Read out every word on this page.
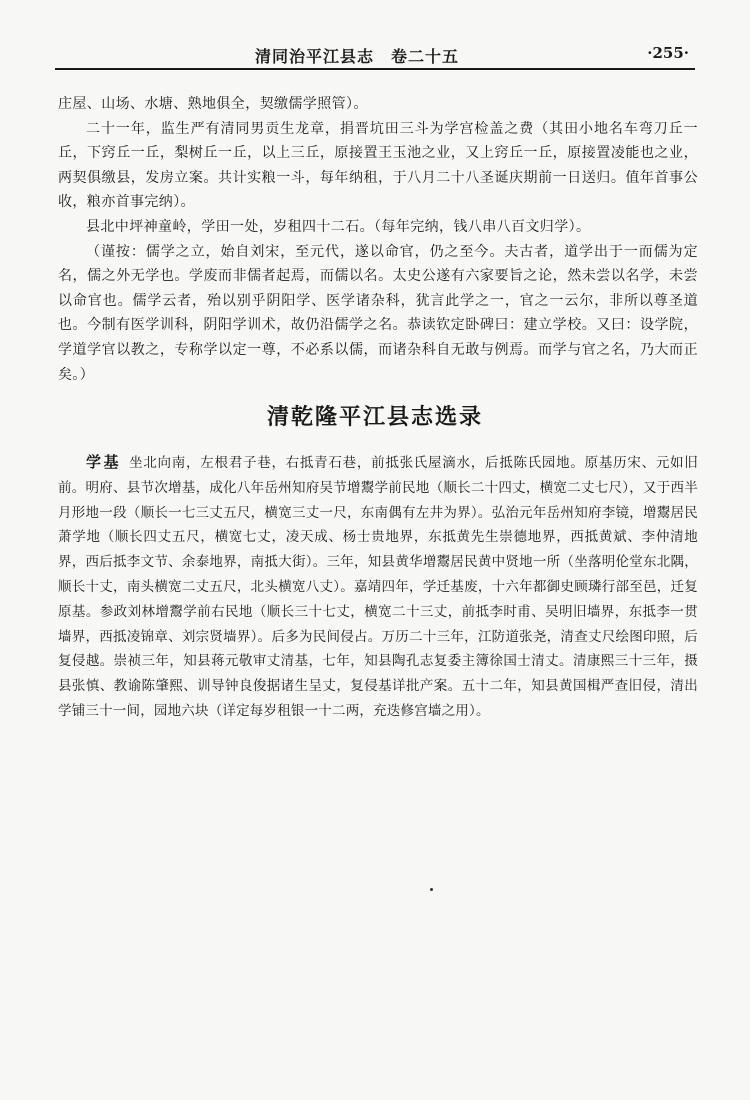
清同治平江县志　卷二十五	·255·

庄屋、山场、水塘、熟地俱全，契缴儒学照管）。

二十一年，监生严有清同男贡生龙章，捐晋坑田三斗为学宫检盖之费（其田小地名车弯刀丘一丘，下窍丘一丘，梨树丘一丘，以上三丘，原接置王玉池之业，又上窍丘一丘，原接置凌能也之业，两契俱缴县，发房立案。共计实粮一斗，每年纳租，于八月二十八圣诞庆期前一日送归。值年首事公收，粮亦首事完纳）。

县北中坪神童岭，学田一处，岁租四十二石。（每年完纳，钱八串八百文归学）。

（谨按：儒学之立，始自刘宋，至元代，遂以命官，仍之至今。夫古者，道学出于一而儒为定名，儒之外无学也。学废而非儒者起焉，而儒以名。太史公遂有六家要旨之论，然未尝以名学，未尝以命官也。儒学云者，殆以别乎阴阳学、医学诸杂科，犹言此学之一，官之一云尔，非所以尊圣道也。今制有医学训科，阴阳学训术，故仍沿儒学之名。恭读钦定卧碑曰：建立学校。又曰：设学院，学道学官以教之，专称学以定一尊，不必系以儒，而诸杂科自无敢与例焉。而学与官之名，乃大而正矣。）

清乾隆平江县志选录

学基 坐北向南，左根君子巷，右抵青石巷，前抵张氏屋滴水，后抵陈氏园地。原基历宋、元如旧前。明府、县节次增基，成化八年岳州知府吴节增鬻学前民地（顺长二十四丈，横宽二丈七尺），又于西半月形地一段（顺长一七三丈五尺，横宽三丈一尺，东南偶有左井为界）。弘治元年岳州知府李镜，增鬻居民萧学地（顺长四丈五尺，横宽七丈，凌天成、杨士贵地界，东抵黄先生崇德地界，西抵黄斌、李仲清地界，西后抵李文节、余泰地界，南抵大街）。三年，知县黄华增鬻居民黄中贤地一所（坐落明伦堂东北隅，顺长十丈，南头横宽二丈五尺，北头横宽八丈）。嘉靖四年，学迁基废，十六年都御史顾璘行部至邑，迁复原基。参政刘林增鬻学前右民地（顺长三十七丈，横宽二十三丈，前抵李时甫、吴明旧墙界，东抵李一贯墙界，西抵凌锦章、刘宗贤墙界）。后多为民间侵占。万历二十三年，江防道张尧，清查丈尺绘图印照，后复侵越。崇祯三年，知县蒋元敬审丈清基，七年，知县陶孔志复委主簿徐国士清丈。清康熙三十三年，摄县张慎、教谕陈肇熙、训导钟良俊据诸生呈丈，复侵基详批产案。五十二年，知县黄国楫严查旧侵，清出学铺三十一间，园地六块（详定每岁租银一十二两，充迭修宫墙之用）。
